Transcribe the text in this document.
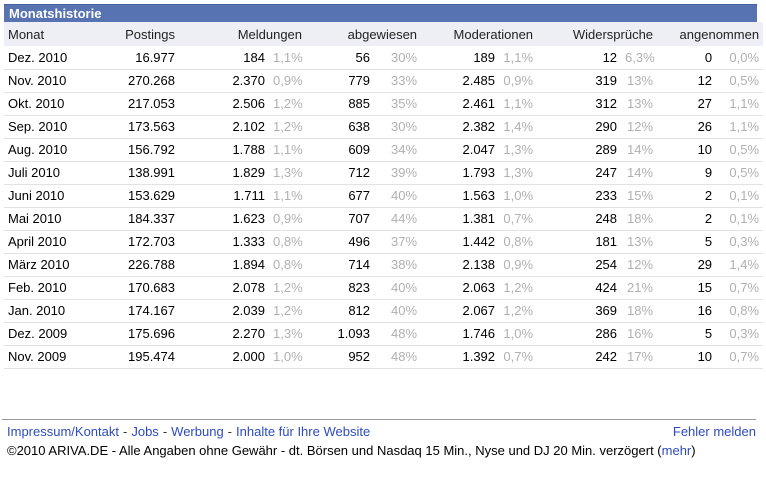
Monatshistorie
Monat	Postings	Meldungen		abgewiesen		Moderationen		Widersprüche		angenommen	
Dez. 2010	16.977	184	1,1%	56	30%	189	1,1%	12	6,3%	0	0,0%
Nov. 2010	270.268	2.370	0,9%	779	33%	2.485	0,9%	319	13%	12	0,5%
Okt. 2010	217.053	2.506	1,2%	885	35%	2.461	1,1%	312	13%	27	1,1%
Sep. 2010	173.563	2.102	1,2%	638	30%	2.382	1,4%	290	12%	26	1,1%
Aug. 2010	156.792	1.788	1,1%	609	34%	2.047	1,3%	289	14%	10	0,5%
Juli 2010	138.991	1.829	1,3%	712	39%	1.793	1,3%	247	14%	9	0,5%
Juni 2010	153.629	1.711	1,1%	677	40%	1.563	1,0%	233	15%	2	0,1%
Mai 2010	184.337	1.623	0,9%	707	44%	1.381	0,7%	248	18%	2	0,1%
April 2010	172.703	1.333	0,8%	496	37%	1.442	0,8%	181	13%	5	0,3%
März 2010	226.788	1.894	0,8%	714	38%	2.138	0,9%	254	12%	29	1,4%
Feb. 2010	170.683	2.078	1,2%	823	40%	2.063	1,2%	424	21%	15	0,7%
Jan. 2010	174.167	2.039	1,2%	812	40%	2.067	1,2%	369	18%	16	0,8%
Dez. 2009	175.696	2.270	1,3%	1.093	48%	1.746	1,0%	286	16%	5	0,3%
Nov. 2009	195.474	2.000	1,0%	952	48%	1.392	0,7%	242	17%	10	0,7%
Impressum/Kontakt - Jobs - Werbung - Inhalte für Ihre Website	Fehler melden
©2010 ARIVA.DE - Alle Angaben ohne Gewähr - dt. Börsen und Nasdaq 15 Min., Nyse und DJ 20 Min. verzögert (mehr)
